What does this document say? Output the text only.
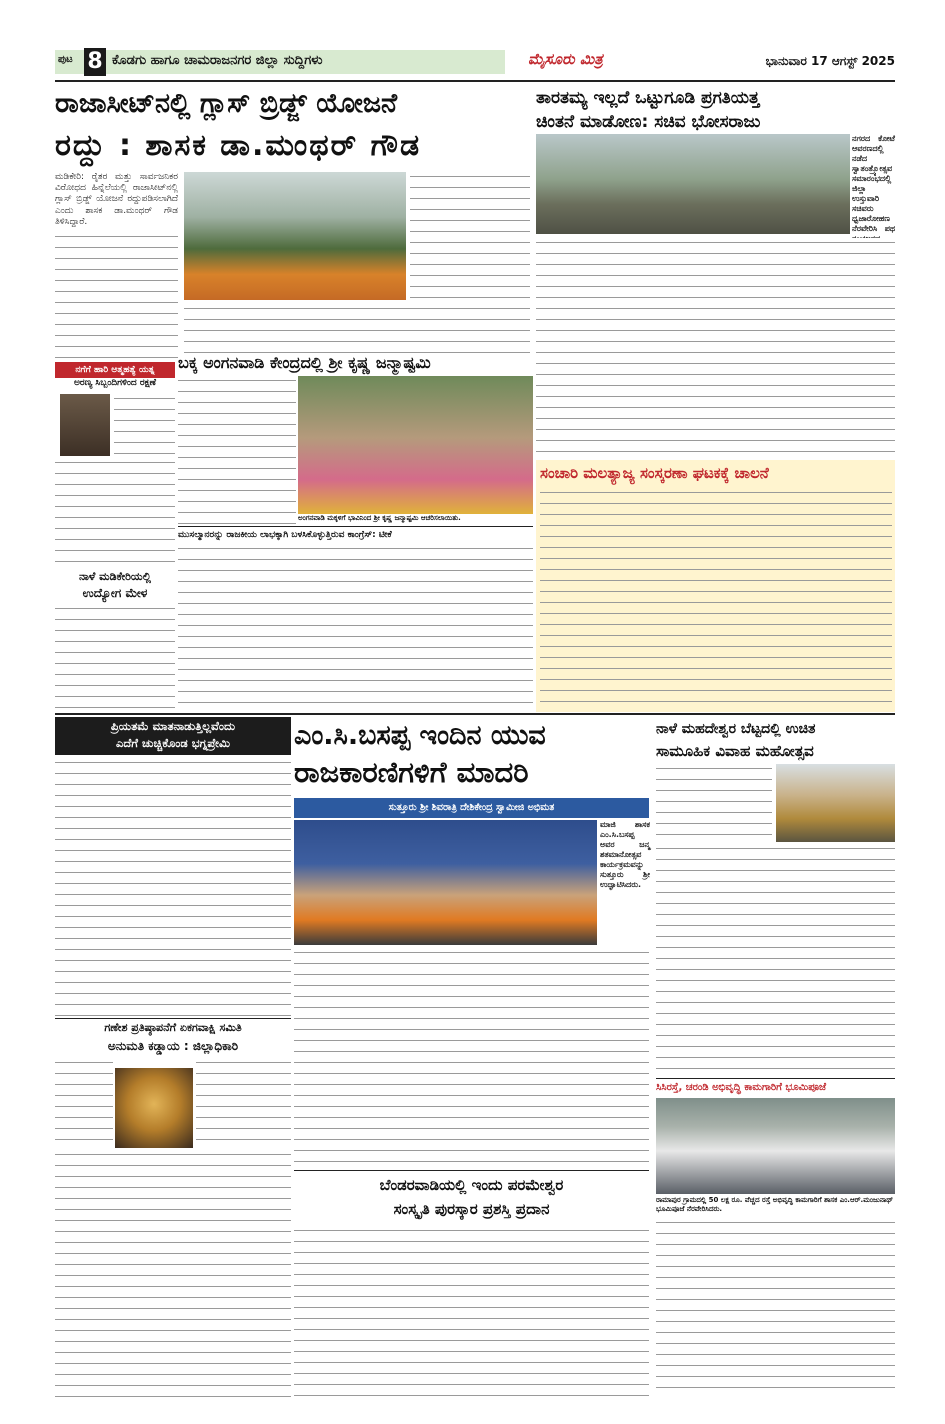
ಪುಟ 8 ಕೊಡಗು ಹಾಗೂ ಚಾಮರಾಜನಗರ ಜಿಲ್ಲಾ ಸುದ್ದಿಗಳು	ಮೈಸೂರು ಮಿತ್ರ	ಭಾನುವಾರ 17 ಆಗಸ್ಟ್ 2025
ರಾಜಾಸೀಟ್‌ನಲ್ಲಿ ಗ್ಲಾಸ್ ಬ್ರಿಡ್ಜ್ ಯೋಜನೆ
ರದ್ದು : ಶಾಸಕ ಡಾ.ಮಂಥರ್ ಗೌಡ
ಮಡಿಕೇರಿ: ರೈತರ ಮತ್ತು ಸಾರ್ವಜನಿಕರ ವಿರೋಧದ ಹಿನ್ನೆಲೆಯಲ್ಲಿ ರಾಜಾಸೀಟ್‌ನಲ್ಲಿ ಗ್ಲಾಸ್ ಬ್ರಿಡ್ಜ್ ಯೋಜನೆ ರದ್ದುಪಡಿಸಲಾಗಿದೆ ಎಂದು ಶಾಸಕ ಡಾ.ಮಂಥರ್ ಗೌಡ ತಿಳಿಸಿದ್ದಾರೆ.
ತಾರತಮ್ಯ ಇಲ್ಲದೆ ಒಟ್ಟುಗೂಡಿ ಪ್ರಗತಿಯತ್ತ
ಚಿಂತನೆ ಮಾಡೋಣ: ಸಚಿವ ಭೋಸರಾಜು
ನಗರದ ಕೋಟೆ ಆವರಣದಲ್ಲಿ ನಡೆದ ಸ್ವಾತಂತ್ರ್ಯೋತ್ಸವ ಸಮಾರಂಭದಲ್ಲಿ ಜಿಲ್ಲಾ ಉಸ್ತುವಾರಿ ಸಚಿವರು ಧ್ವಜಾರೋಹಣ ನೆರವೇರಿಸಿ ಪಥ
ನಗೆಗೆ ಹಾರಿ ಆತ್ಮಹತ್ಯೆ ಯತ್ನ
ಅರಣ್ಯ ಸಿಬ್ಬಂದಿಗಳಿಂದ ರಕ್ಷಣೆ
ನಾಳೆ ಮಡಿಕೇರಿಯಲ್ಲಿ
ಉದ್ಯೋಗ ಮೇಳ
ಬಕ್ಕ ಅಂಗನವಾಡಿ ಕೇಂದ್ರದಲ್ಲಿ ಶ್ರೀ ಕೃಷ್ಣ ಜನ್ಮಾಷ್ಟಮಿ
ಅಂಗನವಾಡಿ ಮಕ್ಕಳಿಗೆ ಭಾವಿನಿಂದ ಶ್ರೀ ಕೃಷ್ಣ ಜನ್ಮಾಷ್ಟಮಿ ಆಚರಿಸಲಾಯಿತು.
ಮುಸಲ್ಮಾನರನ್ನು ರಾಜಕೀಯ ಲಾಭಕ್ಕಾಗಿ ಬಳಸಿಕೊಳ್ಳುತ್ತಿರುವ ಕಾಂಗ್ರೆಸ್: ಟೀಕೆ
ಸಂಚಾರಿ ಮಲತ್ಯಾಜ್ಯ ಸಂಸ್ಕರಣಾ ಘಟಕಕ್ಕೆ ಚಾಲನೆ
ಪ್ರಿಯತಮೆ ಮಾತನಾಡುತ್ತಿಲ್ಲವೆಂದು
ಎದೆಗೆ ಚುಚ್ಚಿಕೊಂಡ ಭಗ್ನಪ್ರೇಮಿ
ಗಣೇಶ ಪ್ರತಿಷ್ಠಾಪನೆಗೆ ಏಕಗವಾಕ್ಷಿ ಸಮಿತಿ
ಅನುಮತಿ ಕಡ್ಡಾಯ : ಜಿಲ್ಲಾಧಿಕಾರಿ
ಎಂ.ಸಿ.ಬಸಪ್ಪ ಇಂದಿನ ಯುವ
ರಾಜಕಾರಣಿಗಳಿಗೆ ಮಾದರಿ
ಸುತ್ತೂರು ಶ್ರೀ ಶಿವರಾತ್ರಿ ದೇಶಿಕೇಂದ್ರ ಸ್ವಾಮೀಜಿ ಅಭಿಮತ
ಮಾಜಿ ಶಾಸಕ ಎಂ.ಸಿ.ಬಸಪ್ಪ ಅವರ ಜನ್ಮ ಶತಮಾನೋತ್ಸವ ಕಾರ್ಯಕ್ರಮವನ್ನು ಸುತ್ತೂರು ಶ್ರೀ ಉದ್ಘಾಟಿಸಿದರು.
ಬೆಂಡರವಾಡಿಯಲ್ಲಿ ಇಂದು ಪರಮೇಶ್ವರ
ಸಂಸ್ಕೃತಿ ಪುರಸ್ಕಾರ ಪ್ರಶಸ್ತಿ ಪ್ರದಾನ
ನಾಳೆ ಮಹದೇಶ್ವರ ಬೆಟ್ಟದಲ್ಲಿ ಉಚಿತ
ಸಾಮೂಹಿಕ ವಿವಾಹ ಮಹೋತ್ಸವ
ಸಿಸಿರಸ್ತೆ, ಚರಂಡಿ ಅಭಿವೃದ್ಧಿ ಕಾಮಗಾರಿಗೆ ಭೂಮಿಪೂಜೆ
ರಾಮಾಪುರ ಗ್ರಾಮದಲ್ಲಿ 50 ಲಕ್ಷ ರೂ. ವೆಚ್ಚದ ರಸ್ತೆ ಅಭಿವೃದ್ಧಿ ಕಾಮಗಾರಿಗೆ ಶಾಸಕ ಎಂ.ಆರ್.ಮಂಜುನಾಥ್ ಭೂಮಿಪೂಜೆ ನೆರವೇರಿಸಿದರು.
